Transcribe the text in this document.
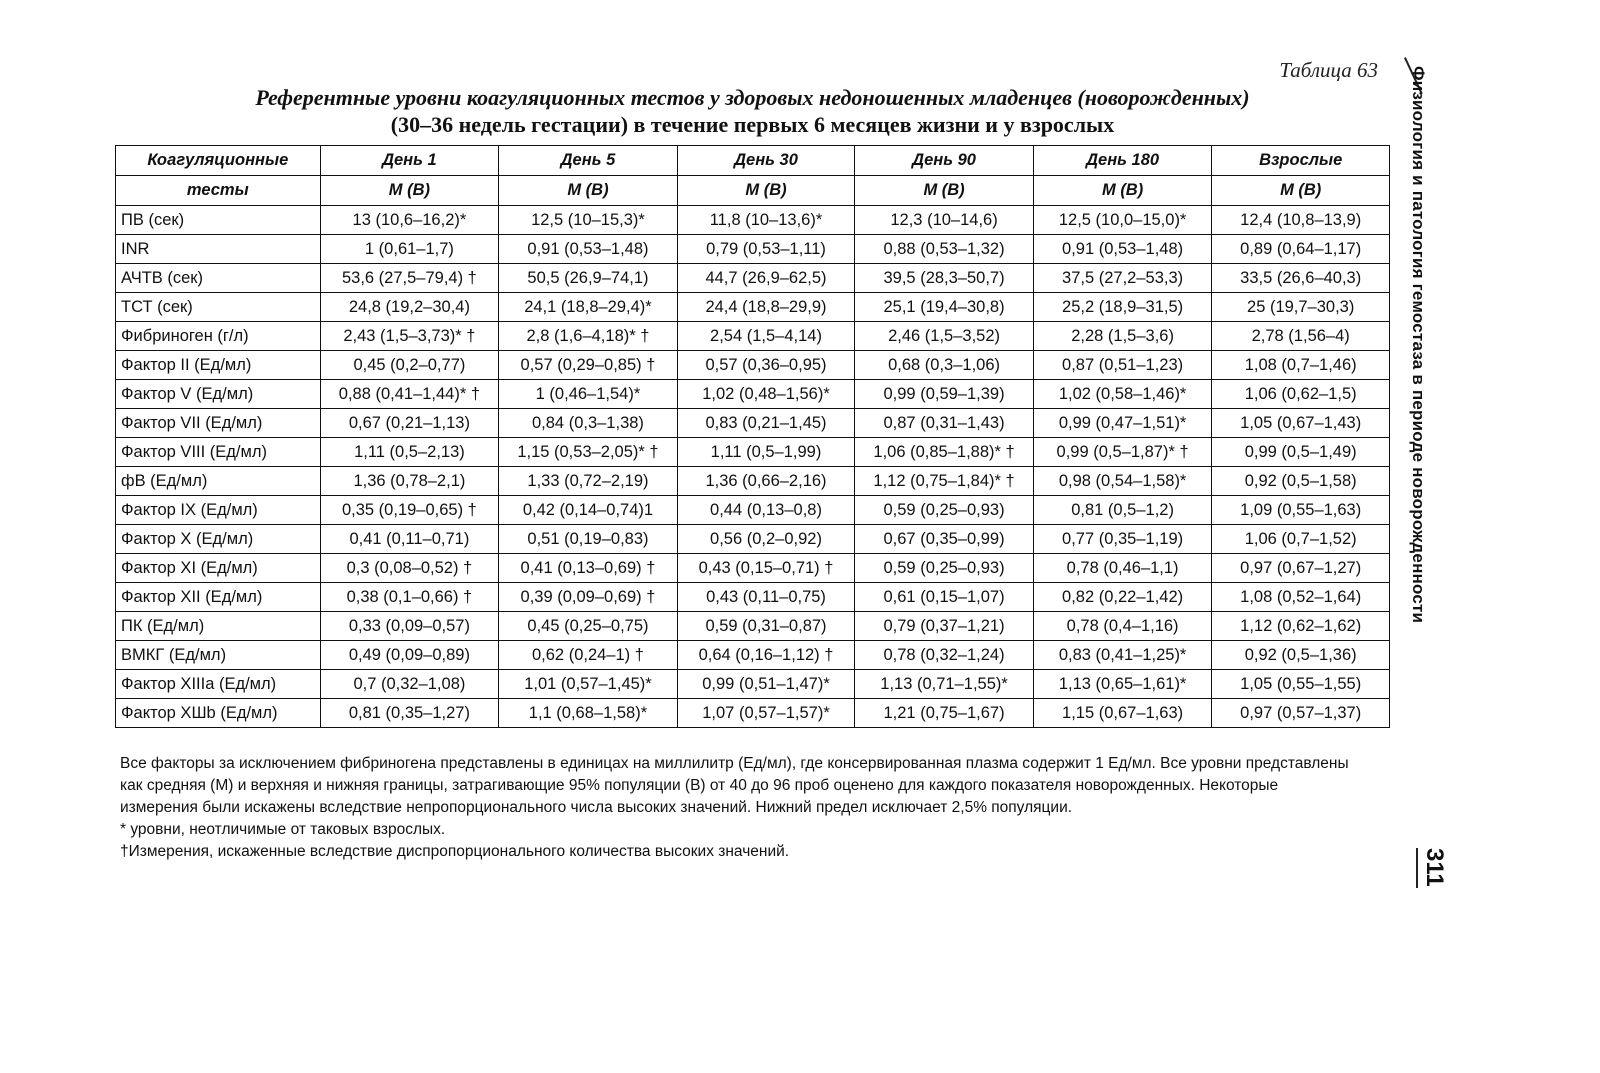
Таблица 63
Референтные уровни коагуляционных тестов у здоровых недоношенных младенцев (новорожденных)
(30–36 недель гестации) в течение первых 6 месяцев жизни и у взрослых
Коагуляционные	День 1	День 5	День 30	День 90	День 180	Взрослые
тесты	М (В)	М (В)	М (В)	М (В)	М (В)	М (В)
ПВ (сек)	13 (10,6–16,2)*	12,5 (10–15,3)*	11,8 (10–13,6)*	12,3 (10–14,6)	12,5 (10,0–15,0)*	12,4 (10,8–13,9)
INR	1 (0,61–1,7)	0,91 (0,53–1,48)	0,79 (0,53–1,11)	0,88 (0,53–1,32)	0,91 (0,53–1,48)	0,89 (0,64–1,17)
АЧТВ (сек)	53,6 (27,5–79,4) †	50,5 (26,9–74,1)	44,7 (26,9–62,5)	39,5 (28,3–50,7)	37,5 (27,2–53,3)	33,5 (26,6–40,3)
ТСТ (сек)	24,8 (19,2–30,4)	24,1 (18,8–29,4)*	24,4 (18,8–29,9)	25,1 (19,4–30,8)	25,2 (18,9–31,5)	25 (19,7–30,3)
Фибриноген (г/л)	2,43 (1,5–3,73)* †	2,8 (1,6–4,18)* †	2,54 (1,5–4,14)	2,46 (1,5–3,52)	2,28 (1,5–3,6)	2,78 (1,56–4)
Фактор II (Ед/мл)	0,45 (0,2–0,77)	0,57 (0,29–0,85) †	0,57 (0,36–0,95)	0,68 (0,3–1,06)	0,87 (0,51–1,23)	1,08 (0,7–1,46)
Фактор V (Ед/мл)	0,88 (0,41–1,44)* †	1 (0,46–1,54)*	1,02 (0,48–1,56)*	0,99 (0,59–1,39)	1,02 (0,58–1,46)*	1,06 (0,62–1,5)
Фактор VII (Ед/мл)	0,67 (0,21–1,13)	0,84 (0,3–1,38)	0,83 (0,21–1,45)	0,87 (0,31–1,43)	0,99 (0,47–1,51)*	1,05 (0,67–1,43)
Фактор VIII (Ед/мл)	1,11 (0,5–2,13)	1,15 (0,53–2,05)* †	1,11 (0,5–1,99)	1,06 (0,85–1,88)* †	0,99 (0,5–1,87)* †	0,99 (0,5–1,49)
фВ (Ед/мл)	1,36 (0,78–2,1)	1,33 (0,72–2,19)	1,36 (0,66–2,16)	1,12 (0,75–1,84)* †	0,98 (0,54–1,58)*	0,92 (0,5–1,58)
Фактор IX (Ед/мл)	0,35 (0,19–0,65) †	0,42 (0,14–0,74)1	0,44 (0,13–0,8)	0,59 (0,25–0,93)	0,81 (0,5–1,2)	1,09 (0,55–1,63)
Фактор X (Ед/мл)	0,41 (0,11–0,71)	0,51 (0,19–0,83)	0,56 (0,2–0,92)	0,67 (0,35–0,99)	0,77 (0,35–1,19)	1,06 (0,7–1,52)
Фактор XI (Ед/мл)	0,3 (0,08–0,52) †	0,41 (0,13–0,69) †	0,43 (0,15–0,71) †	0,59 (0,25–0,93)	0,78 (0,46–1,1)	0,97 (0,67–1,27)
Фактор XII (Ед/мл)	0,38 (0,1–0,66) †	0,39 (0,09–0,69) †	0,43 (0,11–0,75)	0,61 (0,15–1,07)	0,82 (0,22–1,42)	1,08 (0,52–1,64)
ПК (Ед/мл)	0,33 (0,09–0,57)	0,45 (0,25–0,75)	0,59 (0,31–0,87)	0,79 (0,37–1,21)	0,78 (0,4–1,16)	1,12 (0,62–1,62)
ВМКГ (Ед/мл)	0,49 (0,09–0,89)	0,62 (0,24–1) †	0,64 (0,16–1,12) †	0,78 (0,32–1,24)	0,83 (0,41–1,25)*	0,92 (0,5–1,36)
Фактор XIIIa (Ед/мл)	0,7 (0,32–1,08)	1,01 (0,57–1,45)*	0,99 (0,51–1,47)*	1,13 (0,71–1,55)*	1,13 (0,65–1,61)*	1,05 (0,55–1,55)
Фактор XШb (Ед/мл)	0,81 (0,35–1,27)	1,1 (0,68–1,58)*	1,07 (0,57–1,57)*	1,21 (0,75–1,67)	1,15 (0,67–1,63)	0,97 (0,57–1,37)

Все факторы за исключением фибриногена представлены в единицах на миллилитр (Ед/мл), где консервированная плазма содержит 1 Ед/мл. Все уровни представлены как средняя (М) и верхняя и нижняя границы, затрагивающие 95% популяции (В) от 40 до 96 проб оценено для каждого показателя новорожденных. Некоторые измерения были искажены вследствие непропорционального числа высоких значений. Нижний предел исключает 2,5% популяции.

* уровни, неотличимые от таковых взрослых.

†Измерения, искаженные вследствие диспропорционального количества высоких значений.

Физиология и патология гемостаза в периоде новорожденности
311
